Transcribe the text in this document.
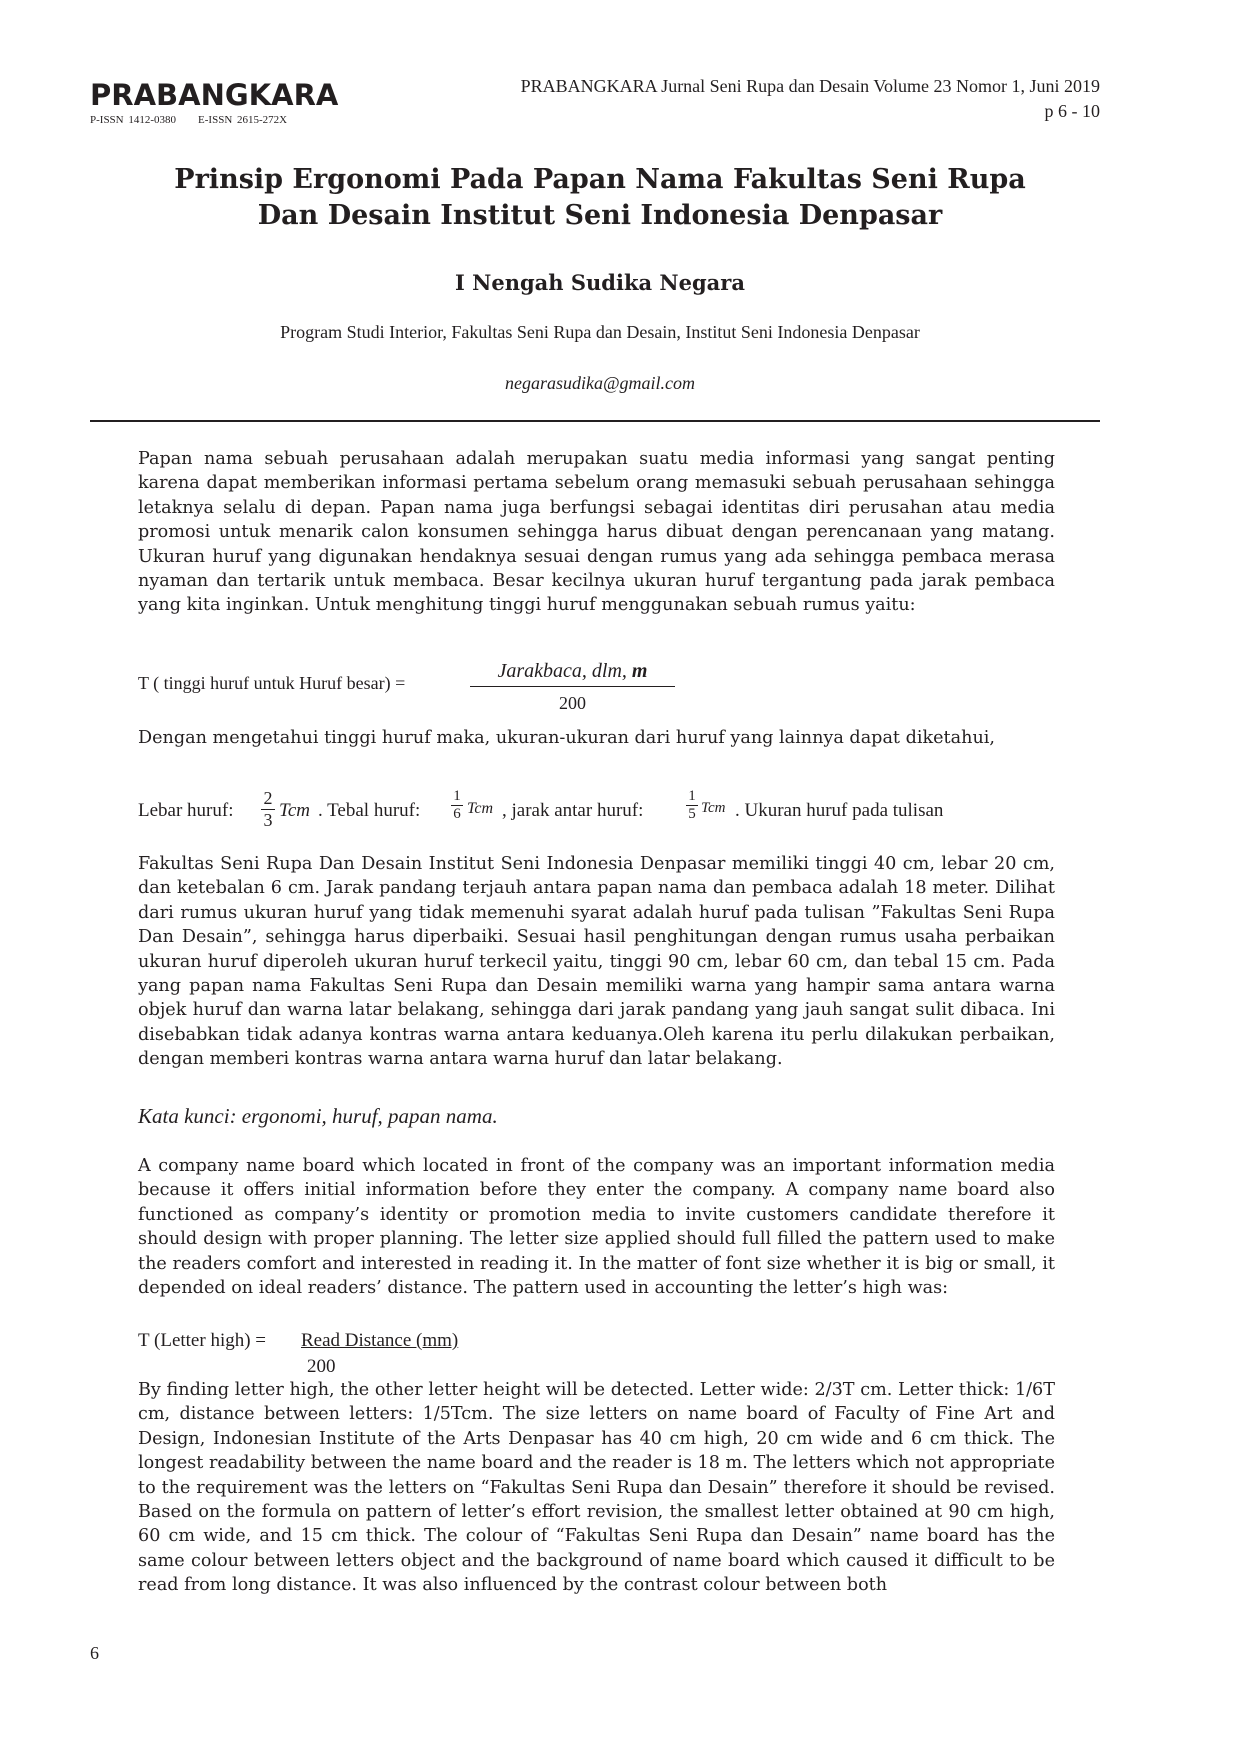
PRABANGKARA
P-ISSN 1412-0380 E-ISSN 2615-272X
PRABANGKARA Jurnal Seni Rupa dan Desain Volume 23 Nomor 1, Juni 2019
p 6 - 10
Prinsip Ergonomi Pada Papan Nama Fakultas Seni Rupa
Dan Desain Institut Seni Indonesia Denpasar
I Nengah Sudika Negara
Program Studi Interior, Fakultas Seni Rupa dan Desain, Institut Seni Indonesia Denpasar
negarasudika@gmail.com
Papan nama sebuah perusahaan adalah merupakan suatu media informasi yang sangat penting karena dapat memberikan informasi pertama sebelum orang memasuki sebuah perusahaan sehingga letaknya selalu di depan. Papan nama juga berfungsi sebagai identitas diri perusahan atau media promosi untuk menarik calon konsumen sehingga harus dibuat dengan perencanaan yang matang. Ukuran huruf yang digunakan hendaknya sesuai dengan rumus yang ada sehingga pembaca merasa nyaman dan tertarik untuk membaca. Besar kecilnya ukuran huruf tergantung pada jarak pembaca yang kita inginkan. Untuk menghitung tinggi huruf menggunakan sebuah rumus yaitu:
T ( tinggi huruf untuk Huruf besar) =
Jarakbaca, dlm, m
200
Dengan mengetahui tinggi huruf maka, ukuran-ukuran dari huruf yang lainnya dapat diketahui,
Lebar huruf:
2
3 Tcm . Tebal huruf:
1
6 Tcm , jarak antar huruf:
1
5 Tcm . Ukuran huruf pada tulisan
Fakultas Seni Rupa Dan Desain Institut Seni Indonesia Denpasar memiliki tinggi 40 cm, lebar 20 cm, dan ketebalan 6 cm. Jarak pandang terjauh antara papan nama dan pembaca adalah 18 meter. Dilihat dari rumus ukuran huruf yang tidak memenuhi syarat adalah huruf pada tulisan ”Fakultas Seni Rupa Dan Desain”, sehingga harus diperbaiki. Sesuai hasil penghitungan dengan rumus usaha perbaikan ukuran huruf diperoleh ukuran huruf terkecil yaitu, tinggi 90 cm, lebar 60 cm, dan tebal 15 cm. Pada yang papan nama Fakultas Seni Rupa dan Desain memiliki warna yang hampir sama antara warna objek huruf dan warna latar belakang, sehingga dari jarak pandang yang jauh sangat sulit dibaca. Ini disebabkan tidak adanya kontras warna antara keduanya.Oleh karena itu perlu dilakukan perbaikan, dengan memberi kontras warna antara warna huruf dan latar belakang.
Kata kunci: ergonomi, huruf, papan nama.
A company name board which located in front of the company was an important information media because it offers initial information before they enter the company. A company name board also functioned as company’s identity or promotion media to invite customers candidate therefore it should design with proper planning. The letter size applied should full filled the pattern used to make the readers comfort and interested in reading it. In the matter of font size whether it is big or small, it depended on ideal readers’ distance. The pattern used in accounting the letter’s high was:
T (Letter high) = Read Distance (mm)
200
By finding letter high, the other letter height will be detected. Letter wide: 2/3T cm. Letter thick: 1/6T cm, distance between letters: 1/5Tcm. The size letters on name board of Faculty of Fine Art and Design, Indonesian Institute of the Arts Denpasar has 40 cm high, 20 cm wide and 6 cm thick. The longest readability between the name board and the reader is 18 m. The letters which not appropriate to the requirement was the letters on “Fakultas Seni Rupa dan Desain” therefore it should be revised. Based on the formula on pattern of letter’s effort revision, the smallest letter obtained at 90 cm high, 60 cm wide, and 15 cm thick. The colour of “Fakultas Seni Rupa dan Desain” name board has the same colour between letters object and the background of name board which caused it difficult to be read from long distance. It was also influenced by the contrast colour between both
6
